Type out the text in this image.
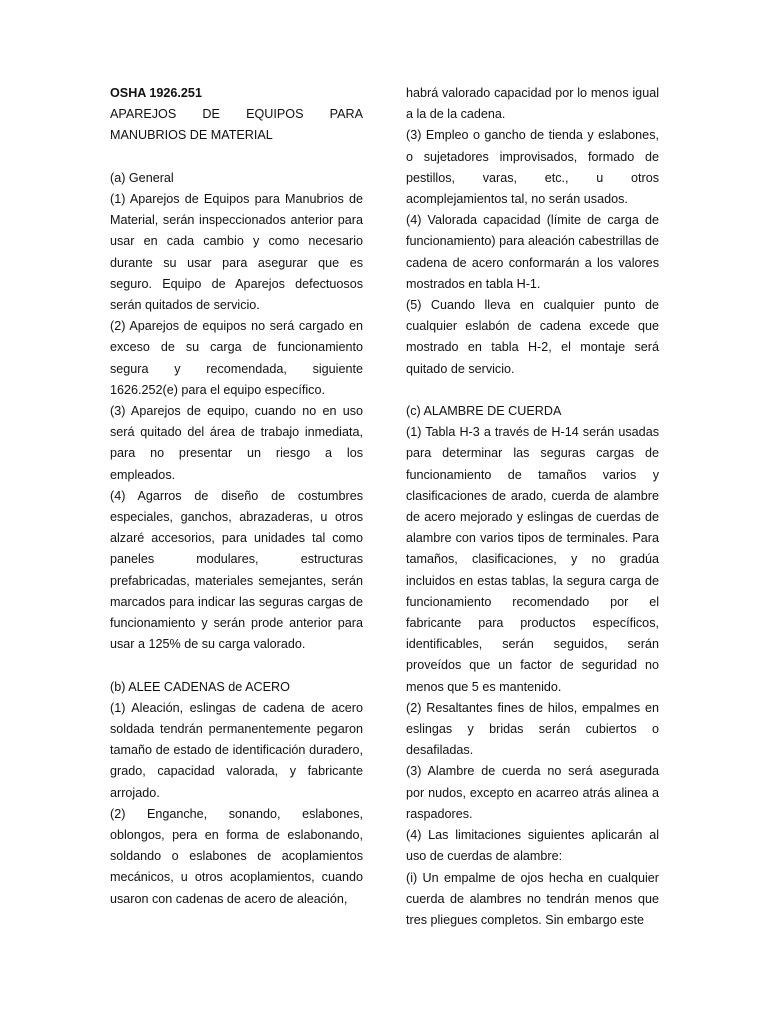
OSHA 1926.251

APAREJOS DE EQUIPOS PARA MANUBRIOS DE MATERIAL

(a) General

(1) Aparejos de Equipos para Manubrios de Material, serán inspeccionados anterior para usar en cada cambio y como necesario durante su usar para asegurar que es seguro. Equipo de Aparejos defectuosos serán quitados de servicio.

(2) Aparejos de equipos no será cargado en exceso de su carga de funcionamiento segura y recomendada, siguiente 1626.252(e) para el equipo específico.

(3) Aparejos de equipo, cuando no en uso será quitado del área de trabajo inmediata, para no presentar un riesgo a los empleados.

(4) Agarros de diseño de costumbres especiales, ganchos, abrazaderas, u otros alzaré accesorios, para unidades tal como paneles modulares, estructuras prefabricadas, materiales semejantes, serán marcados para indicar las seguras cargas de funcionamiento y serán prode anterior para usar a 125% de su carga valorado.

(b) ALEE CADENAS de ACERO

(1) Aleación, eslingas de cadena de acero soldada tendrán permanentemente pegaron tamaño de estado de identificación duradero, grado, capacidad valorada, y fabricante arrojado.

(2) Enganche, sonando, eslabones, oblongos, pera en forma de eslabonando, soldando o eslabones de acoplamientos mecánicos, u otros acoplamientos, cuando usaron con cadenas de acero de aleación,

habrá valorado capacidad por lo menos igual a la de la cadena.

(3) Empleo o gancho de tienda y eslabones, o sujetadores improvisados, formado de pestillos, varas, etc., u otros acomplejamientos tal, no serán usados.

(4) Valorada capacidad (límite de carga de funcionamiento) para aleación cabestrillas de cadena de acero conformarán a los valores mostrados en tabla H-1.

(5) Cuando lleva en cualquier punto de cualquier eslabón de cadena excede que mostrado en tabla H-2, el montaje será quitado de servicio.

(c) ALAMBRE DE CUERDA

(1) Tabla H-3 a través de H-14 serán usadas para determinar las seguras cargas de funcionamiento de tamaños varios y clasificaciones de arado, cuerda de alambre de acero mejorado y eslingas de cuerdas de alambre con varios tipos de terminales. Para tamaños, clasificaciones, y no gradúa incluidos en estas tablas, la segura carga de funcionamiento recomendado por el fabricante para productos específicos, identificables, serán seguidos, serán proveídos que un factor de seguridad no menos que 5 es mantenido.

(2) Resaltantes fines de hilos, empalmes en eslingas y bridas serán cubiertos o desafiladas.

(3) Alambre de cuerda no será asegurada por nudos, excepto en acarreo atrás alinea a raspadores.

(4) Las limitaciones siguientes aplicarán al uso de cuerdas de alambre:

(i) Un empalme de ojos hecha en cualquier cuerda de alambres no tendrán menos que tres pliegues completos. Sin embargo este
